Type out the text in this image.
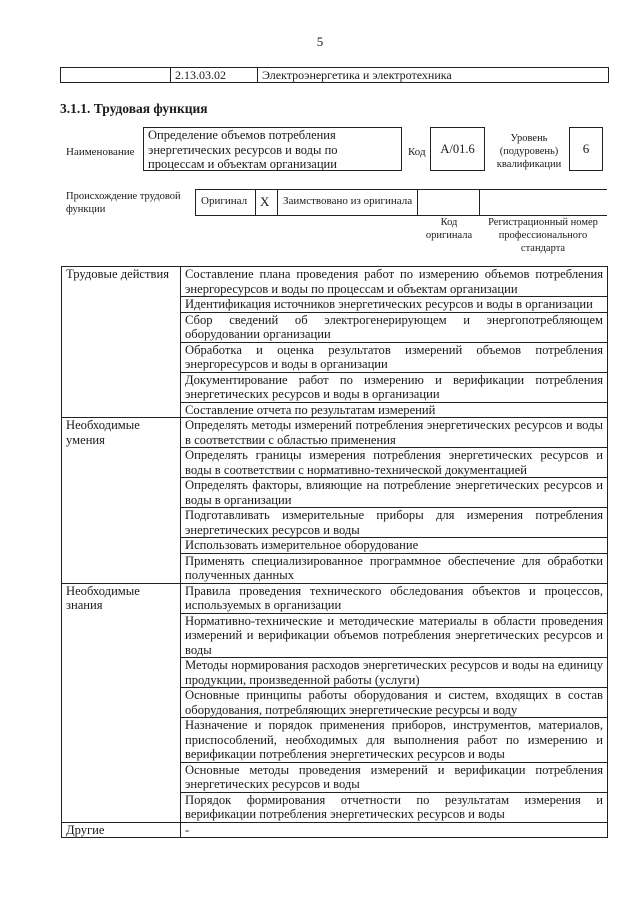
5
2.13.03.02	Электроэнергетика и электротехника
3.1.1. Трудовая функция
Наименование
Определение объемов потребления энергетических ресурсов и воды по процессам и объектам организации
Код	А/01.6
Уровень (подуровень) квалификации
6
Происхождение трудовой функции
Оригинал X	Заимствовано из оригинала
Код оригинала
Регистрационный номер профессионального стандарта
Трудовые действия	Составление плана проведения работ по измерению объемов потребления энергоресурсов и воды по процессам и объектам организации
	Идентификация источников энергетических ресурсов и воды в организации
	Сбор сведений об электрогенерирующем и энергопотребляющем оборудовании организации
	Обработка и оценка результатов измерений объемов потребления энергоресурсов и воды в организации
	Документирование работ по измерению и верификации потребления энергетических ресурсов и воды в организации
	Составление отчета по результатам измерений
Необходимые умения	Определять методы измерений потребления энергетических ресурсов и воды в соответствии с областью применения
	Определять границы измерения потребления энергетических ресурсов и воды в соответствии с нормативно-технической документацией
	Определять факторы, влияющие на потребление энергетических ресурсов и воды в организации
	Подготавливать измерительные приборы для измерения потребления энергетических ресурсов и воды
	Использовать измерительное оборудование
	Применять специализированное программное обеспечение для обработки полученных данных
Необходимые знания	Правила проведения технического обследования объектов и процессов, используемых в организации
	Нормативно-технические и методические материалы в области проведения измерений и верификации объемов потребления энергетических ресурсов и воды
	Методы нормирования расходов энергетических ресурсов и воды на единицу продукции, произведенной работы (услуги)
	Основные принципы работы оборудования и систем, входящих в состав оборудования, потребляющих энергетические ресурсы и воду
	Назначение и порядок применения приборов, инструментов, материалов, приспособлений, необходимых для выполнения работ по измерению и верификации потребления энергетических ресурсов и воды
	Основные методы проведения измерений и верификации потребления энергетических ресурсов и воды
	Порядок формирования отчетности по результатам измерения и верификации потребления энергетических ресурсов и воды
Другие	-
